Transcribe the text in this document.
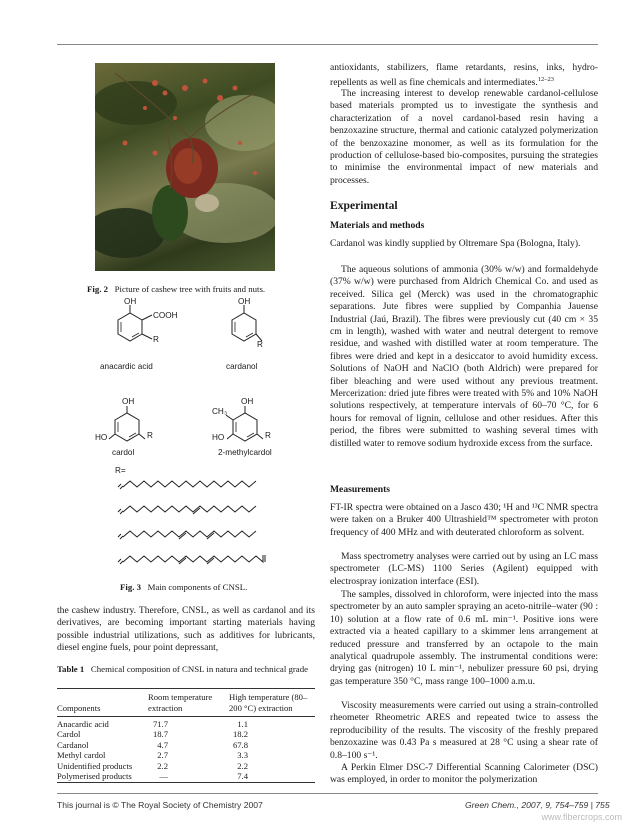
Fig. 2 Picture of cashew tree with fruits and nuts.
OH
COOH
R
anacardic acid
OH
R
cardanol
OH
HO	R
cardol
OH
CH₃
HO	R
2-methylcardol
R=
Fig. 3 Main components of CNSL.
the cashew industry. Therefore, CNSL, as well as cardanol and its derivatives, are becoming important starting materials having possible industrial utilizations, such as additives for lubricants, diesel engine fuels, pour point depressant,
Table 1 Chemical composition of CNSL in natura and technical grade
Components
Room temperature extraction
High temperature (80–200 °C) extraction
Anacardic acid	71.7	1.1
Cardol	18.7	18.2
Cardanol	4.7	67.8
Methyl cardol	2.7	3.3
Unidentified products	2.2	2.2
Polymerised products	—	7.4
antioxidants, stabilizers, flame retardants, resins, inks, hydro-repellents as well as fine chemicals and intermediates.$^{12-23}$
The increasing interest to develop renewable cardanol-cellulose based materials prompted us to investigate the synthesis and characterization of a novel cardanol-based resin having a benzoxazine structure, thermal and cationic catalyzed polymerization of the benzoxazine monomer, as well as its formulation for the production of cellulose-based bio-composites, pursuing the strategies to minimise the environmental impact of new materials and processes.
Experimental
Materials and methods
Cardanol was kindly supplied by Oltremare Spa (Bologna, Italy).
The aqueous solutions of ammonia (30% w/w) and formaldehyde (37% w/w) were purchased from Aldrich Chemical Co. and used as received. Silica gel (Merck) was used in the chromatographic separations. Jute fibres were supplied by Companhia Jauense Industrial (Jaú, Brazil). The fibres were previously cut (40 cm × 35 cm in length), washed with water and neutral detergent to remove residue, and washed with distilled water at room temperature. The fibres were dried and kept in a desiccator to avoid humidity excess. Solutions of NaOH and NaClO (both Aldrich) were prepared for fiber bleaching and were used without any previous treatment. Mercerization: dried jute fibres were treated with 5% and 10% NaOH solutions respectively, at temperature intervals of 60–70 °C, for 6 hours for removal of lignin, cellulose and other residues. After this period, the fibres were submitted to washing several times with distilled water to remove sodium hydroxide excess from the surface.
Measurements
FT-IR spectra were obtained on a Jasco 430; ¹H and ¹³C NMR spectra were taken on a Bruker 400 Ultrashield™ spectrometer with proton frequency of 400 MHz and with deuterated chloroform as solvent.
Mass spectrometry analyses were carried out by using an LC mass spectrometer (LC-MS) 1100 Series (Agilent) equipped with electrospray ionization interface (ESI).
The samples, dissolved in chloroform, were injected into the mass spectrometer by an auto sampler spraying an aceto-nitrile–water (90 : 10) solution at a flow rate of 0.6 mL min⁻¹. Positive ions were extracted via a heated capillary to a skimmer lens arrangement at reduced pressure and transferred by an octapole to the main analytical quadrupole assembly. The instrumental conditions were: drying gas (nitrogen) 10 L min⁻¹, nebulizer pressure 60 psi, drying gas temperature 350 °C, mass range 100–1000 a.m.u.
Viscosity measurements were carried out using a strain-controlled rheometer Rheometric ARES and repeated twice to assess the reproducibility of the results. The viscosity of the freshly prepared benzoxazine was 0.43 Pa s measured at 28 °C using a shear rate of 0.8–100 s⁻¹.
A Perkin Elmer DSC-7 Differential Scanning Calorimeter (DSC) was employed, in order to monitor the polymerization
This journal is © The Royal Society of Chemistry 2007	Green Chem., 2007, 9, 754–759 | 755
www.fibercrops.com
